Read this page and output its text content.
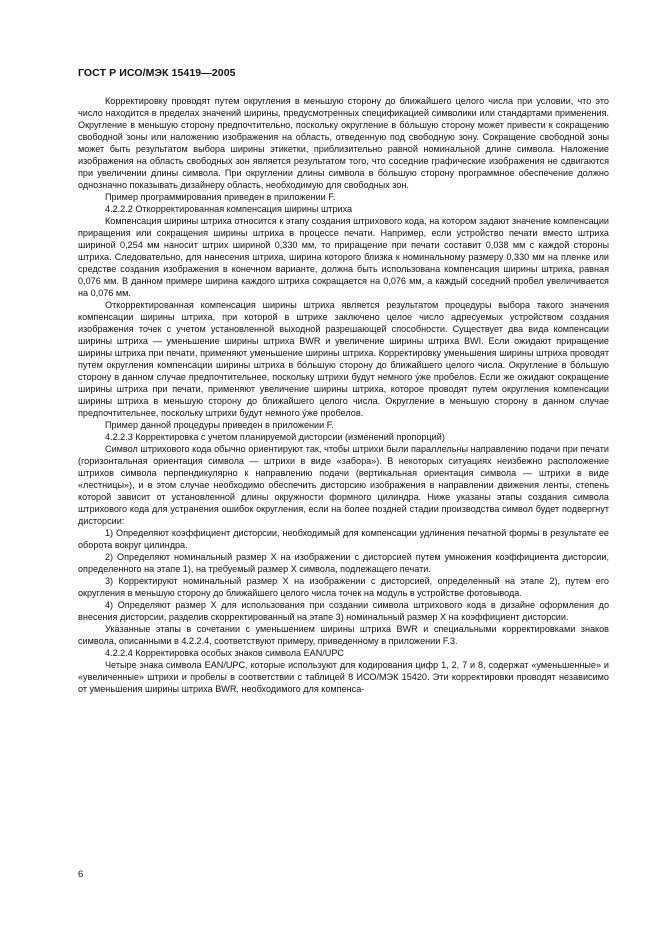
ГОСТ Р ИСО/МЭК 15419—2005

Корректировку проводят путем округления в меньшую сторону до ближайшего целого числа при условии, что это число находится в пределах значений ширины, предусмотренных спецификацией символики или стандартами применения. Округление в меньшую сторону предпочтительно, поскольку округление в бо́льшую сторону может привести к сокращению свободной зоны или наложению изображения на область, отведенную под свободную зону. Сокращение свободной зоны может быть результатом выбора ширины этикетки, приблизительно равной номинальной длине символа. Наложение изображения на область свободных зон является результатом того, что соседние графические изображения не сдвигаются при увеличении длины символа. При округлении длины символа в бо́льшую сторону программное обеспечение должно однозначно показывать дизайнеру область, необходимую для свободных зон.

Пример программирования приведен в приложении F.

4.2.2.2 Откорректированная компенсация ширины штриха

Компенсация ширины штриха относится к этапу создания штрихового кода, на котором задают значение компенсации приращения или сокращения ширины штриха в процессе печати. Например, если устройство печати вместо штриха шириной 0,254 мм наносит штрих шириной 0,330 мм, то приращение при печати составит 0,038 мм с каждой стороны штриха. Следовательно, для нанесения штриха, ширина которого близка к номинальному размеру 0,330 мм на пленке или средстве создания изображения в конечном варианте, должна быть использована компенсация ширины штриха, равная 0,076 мм. В данном примере ширина каждого штриха сокращается на 0,076 мм, а каждый соседний пробел увеличивается на 0,076 мм.

Откорректированная компенсация ширины штриха является результатом процедуры выбора такого значения компенсации ширины штриха, при которой в штрихе заключено целое число адресуемых устройством создания изображения точек с учетом установленной выходной разрешающей способности. Существует два вида компенсации ширины штриха — уменьшение ширины штриха BWR и увеличение ширины штриха BWI. Если ожидают приращение ширины штриха при печати, применяют уменьшение ширины штриха. Корректировку уменьшения ширины штриха проводят путем округления компенсации ширины штриха в бо́льшую сторону до ближайшего целого числа. Округление в бо́льшую сторону в данном случае предпочтительнее, поскольку штрихи будут немного у́же пробелов. Если же ожидают сокращение ширины штриха при печати, применяют увеличение ширины штриха, которое проводят путем округления компенсации ширины штриха в меньшую сторону до ближайшего целого числа. Округление в меньшую сторону в данном случае предпочтительнее, поскольку штрихи будут немного у́же пробелов.

Пример данной процедуры приведен в приложении F.

4.2.2.3 Корректировка с учетом планируемой дисторсии (изменений пропорций)

Символ штрихового кода обычно ориентируют так, чтобы штрихи были параллельны направлению подачи при печати (горизонтальная ориентация символа — штрихи в виде «забора»). В некоторых ситуациях неизбежно расположение штрихов символа перпендикулярно к направлению подачи (вертикальная ориентация символа — штрихи в виде «лестницы»), и в этом случае необходимо обеспечить дисторсию изображения в направлении движения ленты, степень которой зависит от установленной длины окружности формного цилиндра. Ниже указаны этапы создания символа штрихового кода для устранения ошибок округления, если на более поздней стадии производства символ будет подвергнут дисторсии:

1) Определяют коэффициент дисторсии, необходимый для компенсации удлинения печатной формы в результате ее оборота вокруг цилиндра.

2) Определяют номинальный размер X на изображении с дисторсией путем умножения коэффициента дисторсии, определенного на этапе 1), на требуемый размер X символа, подлежащего печати.

3) Корректируют номинальный размер X на изображении с дисторсией, определенный на этапе 2), путем его округления в меньшую сторону до ближайшего целого числа точек на модуль в устройстве фотовывода.

4) Определяют размер X для использования при создании символа штрихового кода в дизайне оформления до внесения дисторсии, разделив скорректированный на этапе 3) номинальный размер X на коэффициент дисторсии.

Указанные этапы в сочетании с уменьшением ширины штриха BWR и специальными корректировками знаков символа, описанными в 4.2.2.4, соответствуют примеру, приведенному в приложении F.3.

4.2.2.4 Корректировка особых знаков символа EAN/UPC

Четыре знака символа EAN/UPC, которые используют для кодирования цифр 1, 2, 7 и 8, содержат «уменьшенные» и «увеличенные» штрихи и пробелы в соответствии с таблицей 8 ИСО/МЭК 15420. Эти корректировки проводят независимо от уменьшения ширины штриха BWR, необходимого для компенса-

6
